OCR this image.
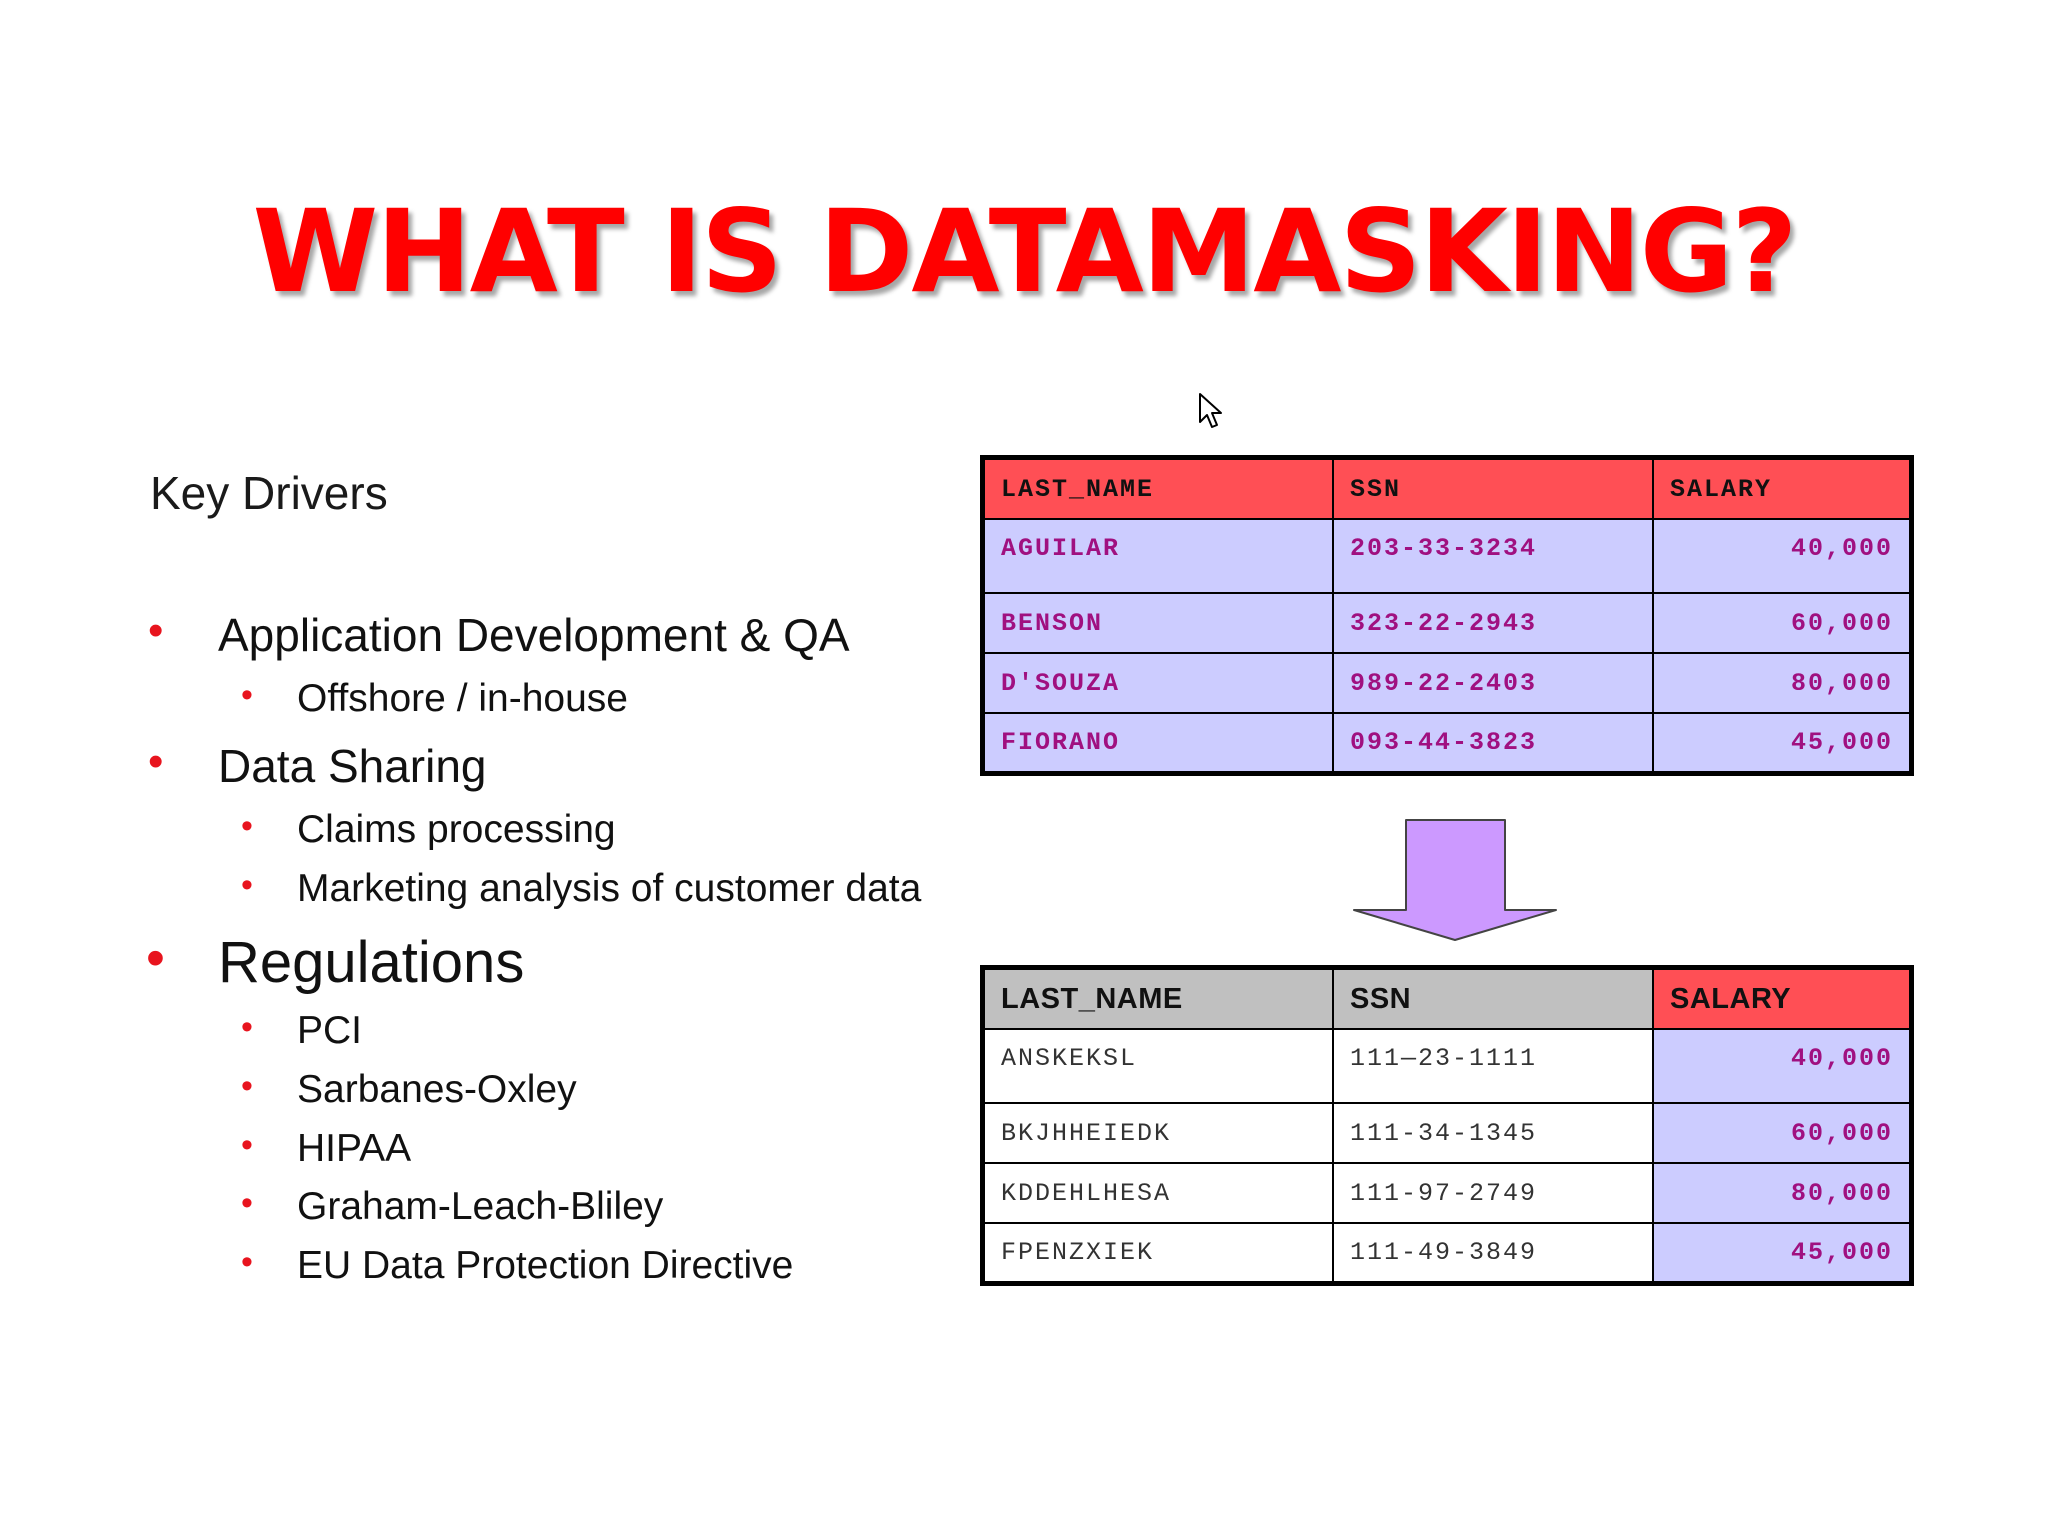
WHAT IS DATAMASKING?
Key Drivers
• Application Development & QA
• Offshore / in-house
• Data Sharing
• Claims processing
• Marketing analysis of customer data
• Regulations
• PCI
• Sarbanes-Oxley
• HIPAA
• Graham-Leach-Bliley
• EU Data Protection Directive
LAST_NAME	SSN	SALARY
AGUILAR	203-33-3234	40,000
BENSON	323-22-2943	60,000
D'SOUZA	989-22-2403	80,000
FIORANO	093-44-3823	45,000
LAST_NAME	SSN	SALARY
ANSKEKSL	111—23-1111	40,000
BKJHHEIEDK	111-34-1345	60,000
KDDEHLHESA	111-97-2749	80,000
FPENZXIEK	111-49-3849	45,000
